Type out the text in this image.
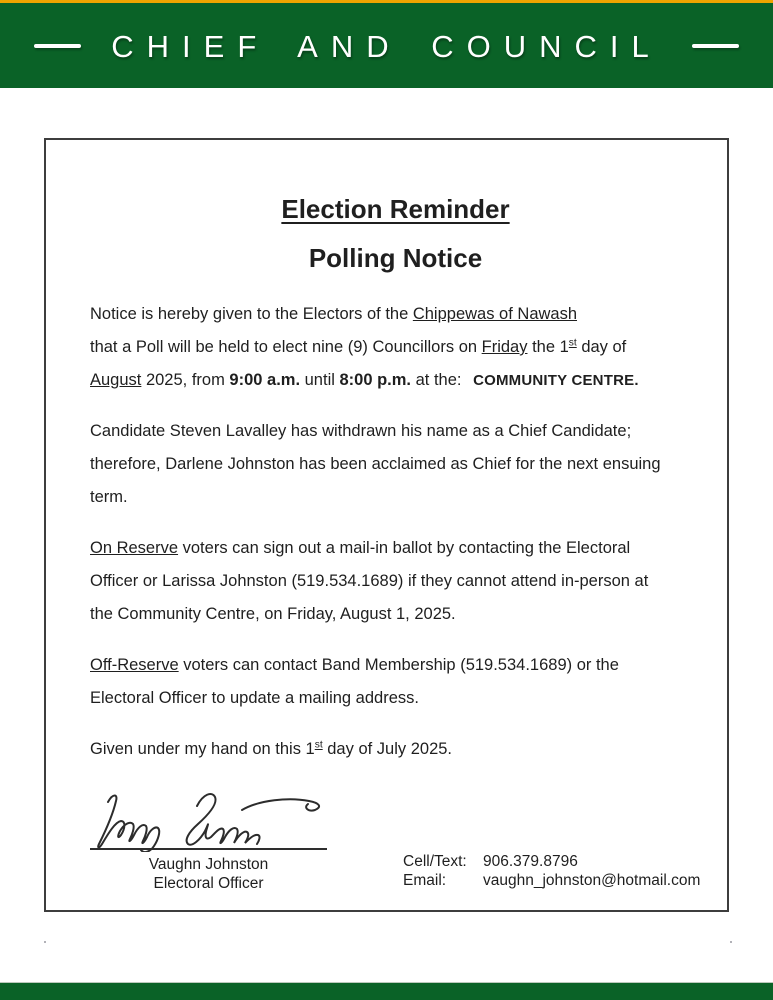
CHIEF AND COUNCIL
Election Reminder
Polling Notice
Notice is hereby given to the Electors of the Chippewas of Nawash
that a Poll will be held to elect nine (9) Councillors on Friday the 1st day of
August 2025, from 9:00 a.m. until 8:00 p.m. at the: COMMUNITY CENTRE.
Candidate Steven Lavalley has withdrawn his name as a Chief Candidate;
therefore, Darlene Johnston has been acclaimed as Chief for the next ensuing
term.
On Reserve voters can sign out a mail-in ballot by contacting the Electoral
Officer or Larissa Johnston (519.534.1689) if they cannot attend in-person at
the Community Centre, on Friday, August 1, 2025.
Off-Reserve voters can contact Band Membership (519.534.1689) or the
Electoral Officer to update a mailing address.
Given under my hand on this 1st day of July 2025.
Vaughn Johnston
Electoral Officer
Cell/Text:	906.379.8796
Email:	vaughn_johnston@hotmail.com
